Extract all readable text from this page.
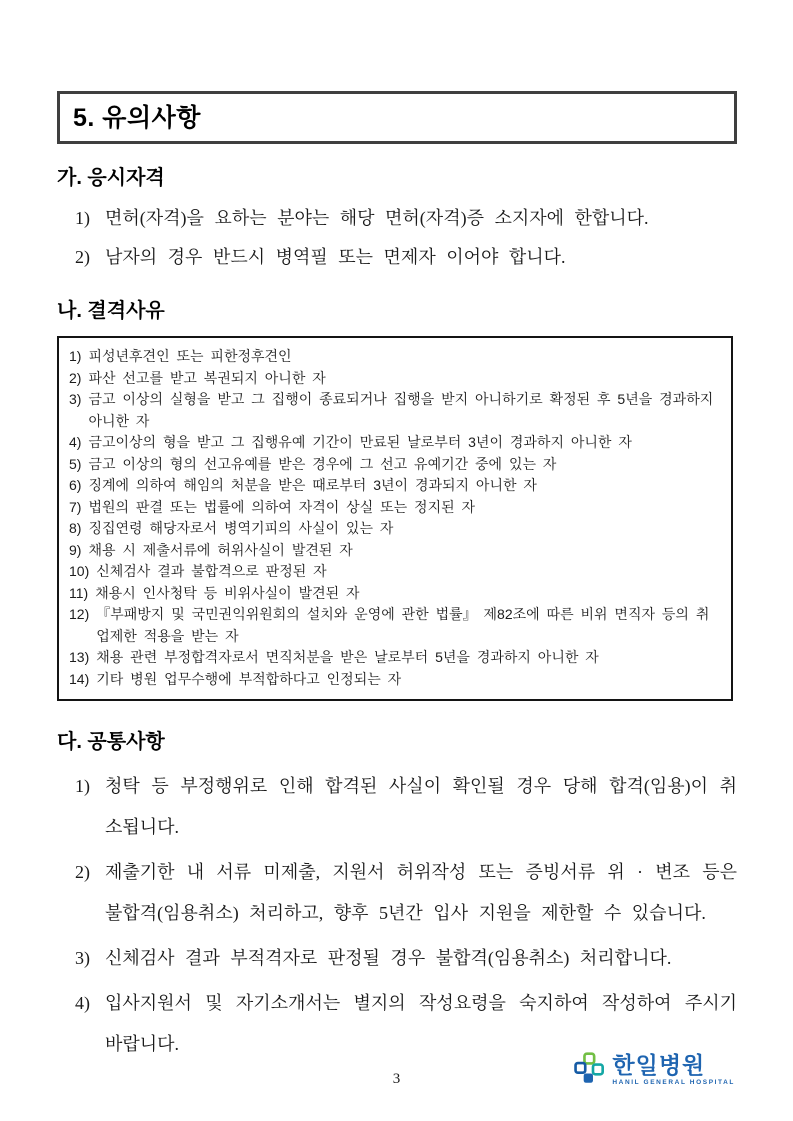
5. 유의사항
가. 응시자격
1) 면허(자격)을 요하는 분야는 해당 면허(자격)증 소지자에 한합니다.
2) 남자의 경우 반드시 병역필 또는 면제자 이어야 합니다.
나. 결격사유
1) 피성년후견인 또는 피한정후견인
2) 파산 선고를 받고 복권되지 아니한 자
3) 금고 이상의 실형을 받고 그 집행이 종료되거나 집행을 받지 아니하기로 확정된 후 5년을 경과하지 아니한 자
4) 금고이상의 형을 받고 그 집행유예 기간이 만료된 날로부터 3년이 경과하지 아니한 자
5) 금고 이상의 형의 선고유예를 받은 경우에 그 선고 유예기간 중에 있는 자
6) 징계에 의하여 해임의 처분을 받은 때로부터 3년이 경과되지 아니한 자
7) 법원의 판결 또는 법률에 의하여 자격이 상실 또는 정지된 자
8) 징집연령 해당자로서 병역기피의 사실이 있는 자
9) 채용 시 제출서류에 허위사실이 발견된 자
10) 신체검사 결과 불합격으로 판정된 자
11) 채용시 인사청탁 등 비위사실이 발견된 자
12) 『부패방지 및 국민권익위원회의 설치와 운영에 관한 법률』 제82조에 따른 비위 면직자 등의 취업제한 적용을 받는 자
13) 채용 관련 부정합격자로서 면직처분을 받은 날로부터 5년을 경과하지 아니한 자
14) 기타 병원 업무수행에 부적합하다고 인정되는 자
다. 공통사항
1) 청탁 등 부정행위로 인해 합격된 사실이 확인될 경우 당해 합격(임용)이 취소됩니다.
2) 제출기한 내 서류 미제출, 지원서 허위작성 또는 증빙서류 위 · 변조 등은 불합격(임용취소) 처리하고, 향후 5년간 입사 지원을 제한할 수 있습니다.
3) 신체검사 결과 부적격자로 판정될 경우 불합격(임용취소) 처리합니다.
4) 입사지원서 및 자기소개서는 별지의 작성요령을 숙지하여 작성하여 주시기 바랍니다.
3
한일병원
HANIL GENERAL HOSPITAL
